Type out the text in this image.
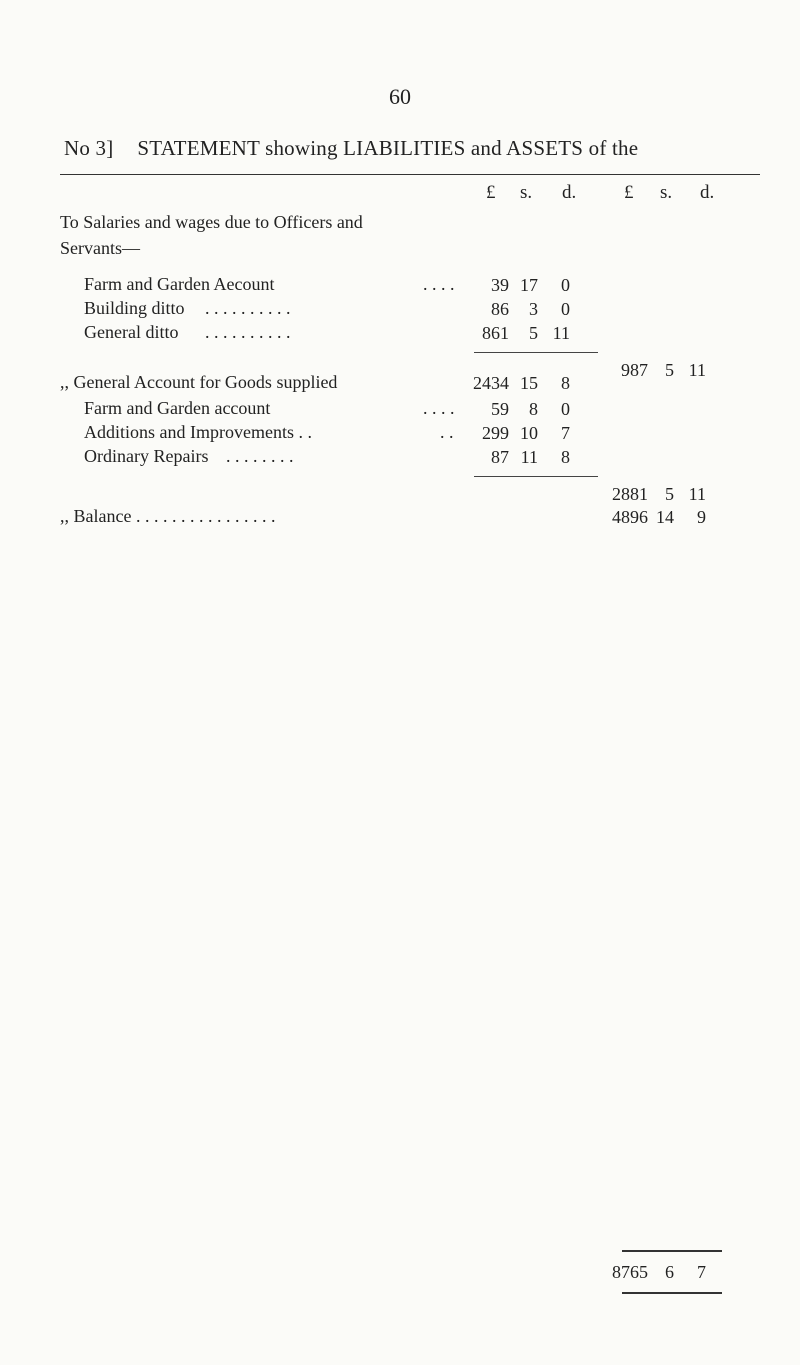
60
No 3] STATEMENT showing LIABILITIES and ASSETS of the
£ s. d.	£ s. d.
To Salaries and wages due to Officers and
Servants—
Farm and Garden Aecount	. . . .	39 17	0
Building ditto . . . . . . . . . .	86	3	0
General ditto . . . . . . . . . .	861	5 11
987 5 11
,, General Account for Goods supplied	2434 15	8
Farm and Garden account	. . . .	59	8	0
Additions and Improvements . .	. .	299 10	7
Ordinary Repairs . . . . . . . .	87 11	8
2881 5 11
,, Balance . . . . . . . . . . . . . . . .	4896 14	9
8765 6	7
